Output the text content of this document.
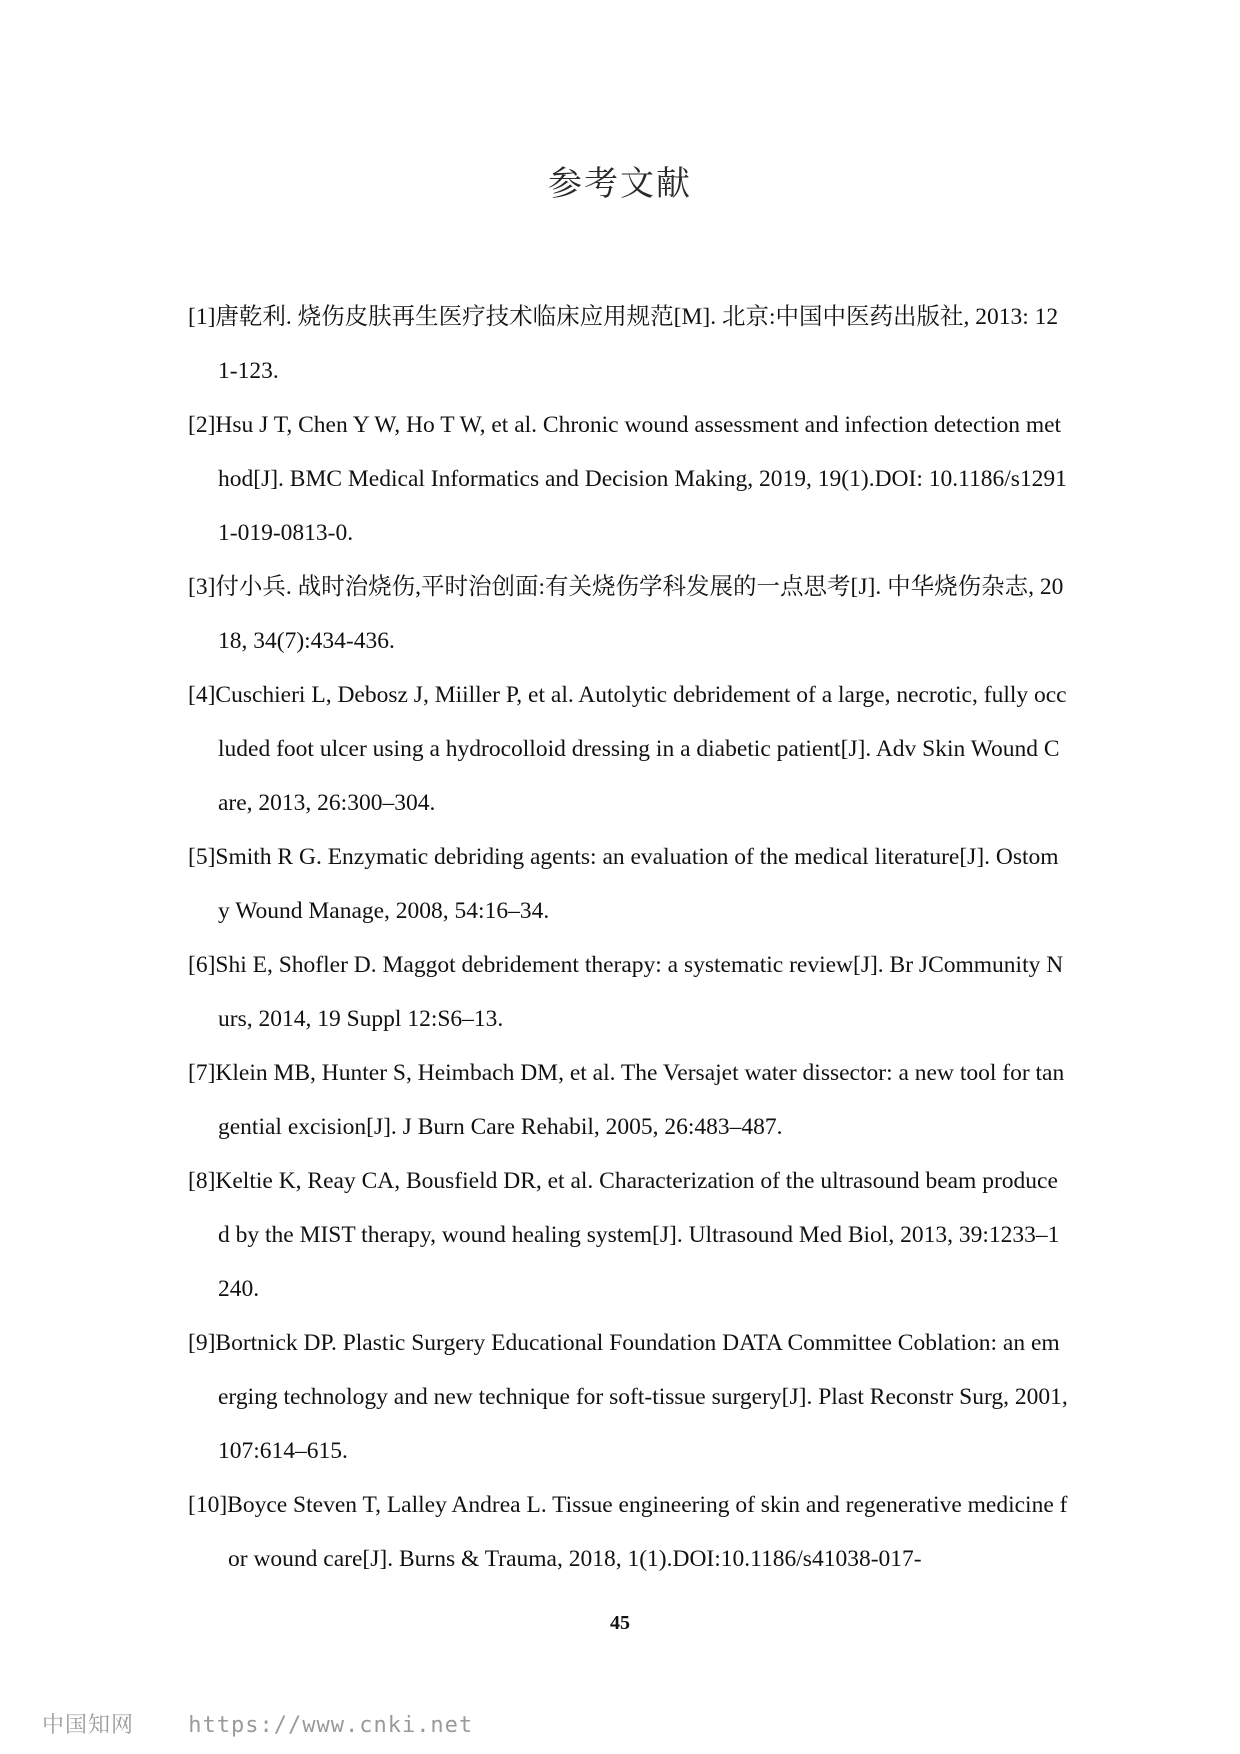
参考文献

[1]唐乾利. 烧伤皮肤再生医疗技术临床应用规范[M]. 北京:中国中医药出版社, 2013: 121-123.

[2]Hsu J T, Chen Y W, Ho T W, et al. Chronic wound assessment and infection detection method[J]. BMC Medical Informatics and Decision Making, 2019, 19(1).DOI: 10.1186/s12911-019-0813-0.

[3]付小兵. 战时治烧伤,平时治创面:有关烧伤学科发展的一点思考[J]. 中华烧伤杂志, 2018, 34(7):434-436.

[4]Cuschieri L, Debosz J, Miiller P, et al. Autolytic debridement of a large, necrotic, fully occluded foot ulcer using a hydrocolloid dressing in a diabetic patient[J]. Adv Skin Wound Care, 2013, 26:300–304.

[5]Smith R G. Enzymatic debriding agents: an evaluation of the medical literature[J]. Ostomy Wound Manage, 2008, 54:16–34.

[6]Shi E, Shofler D. Maggot debridement therapy: a systematic review[J]. Br JCommunity Nurs, 2014, 19 Suppl 12:S6–13.

[7]Klein MB, Hunter S, Heimbach DM, et al. The Versajet water dissector: a new tool for tangential excision[J]. J Burn Care Rehabil, 2005, 26:483–487.

[8]Keltie K, Reay CA, Bousfield DR, et al. Characterization of the ultrasound beam produced by the MIST therapy, wound healing system[J]. Ultrasound Med Biol, 2013, 39:1233–1240.

[9]Bortnick DP. Plastic Surgery Educational Foundation DATA Committee Coblation: an emerging technology and new technique for soft-tissue surgery[J]. Plast Reconstr Surg, 2001, 107:614–615.

[10]Boyce Steven T, Lalley Andrea L. Tissue engineering of skin and regenerative medicine for wound care[J]. Burns & Trauma, 2018, 1(1).DOI:10.1186/s41038-017-

45
中国知网 https://www.cnki.net
